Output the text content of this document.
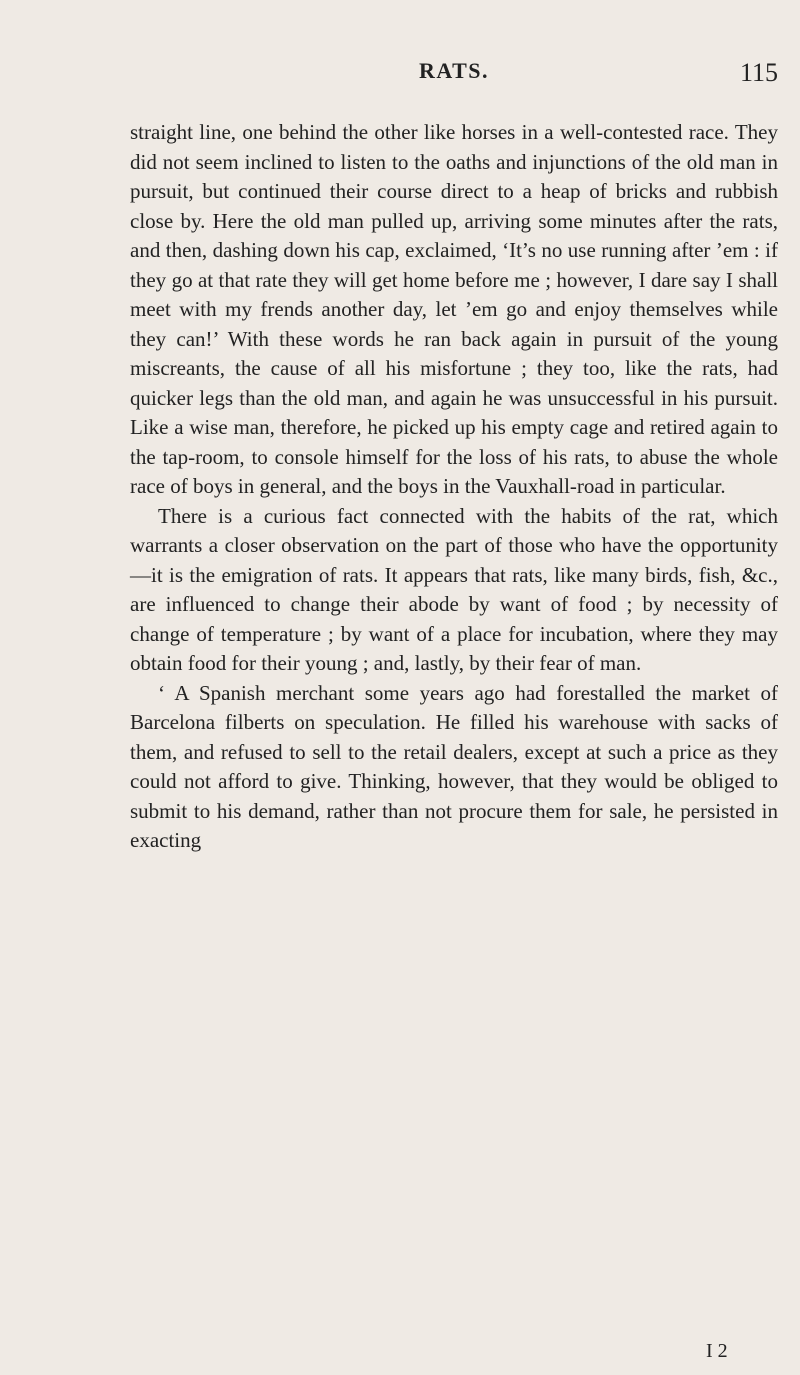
RATS.	115

straight line, one behind the other like horses in a well-contested race. They did not seem inclined to listen to the oaths and injunctions of the old man in pursuit, but continued their course direct to a heap of bricks and rubbish close by. Here the old man pulled up, arriving some minutes after the rats, and then, dashing down his cap, exclaimed, ‘It’s no use running after ’em : if they go at that rate they will get home before me ; however, I dare say I shall meet with my frends another day, let ’em go and enjoy themselves while they can!’ With these words he ran back again in pursuit of the young miscreants, the cause of all his misfortune ; they too, like the rats, had quicker legs than the old man, and again he was unsuccessful in his pursuit. Like a wise man, therefore, he picked up his empty cage and retired again to the tap-room, to console himself for the loss of his rats, to abuse the whole race of boys in general, and the boys in the Vauxhall-road in particular.

There is a curious fact connected with the habits of the rat, which warrants a closer observation on the part of those who have the opportunity—it is the emigration of rats. It appears that rats, like many birds, fish, &c., are influenced to change their abode by want of food ; by necessity of change of temperature ; by want of a place for incubation, where they may obtain food for their young ; and, lastly, by their fear of man.

‘ A Spanish merchant some years ago had forestalled the market of Barcelona filberts on speculation. He filled his warehouse with sacks of them, and refused to sell to the retail dealers, except at such a price as they could not afford to give. Thinking, however, that they would be obliged to submit to his demand, rather than not procure them for sale, he persisted in exacting

I 2
